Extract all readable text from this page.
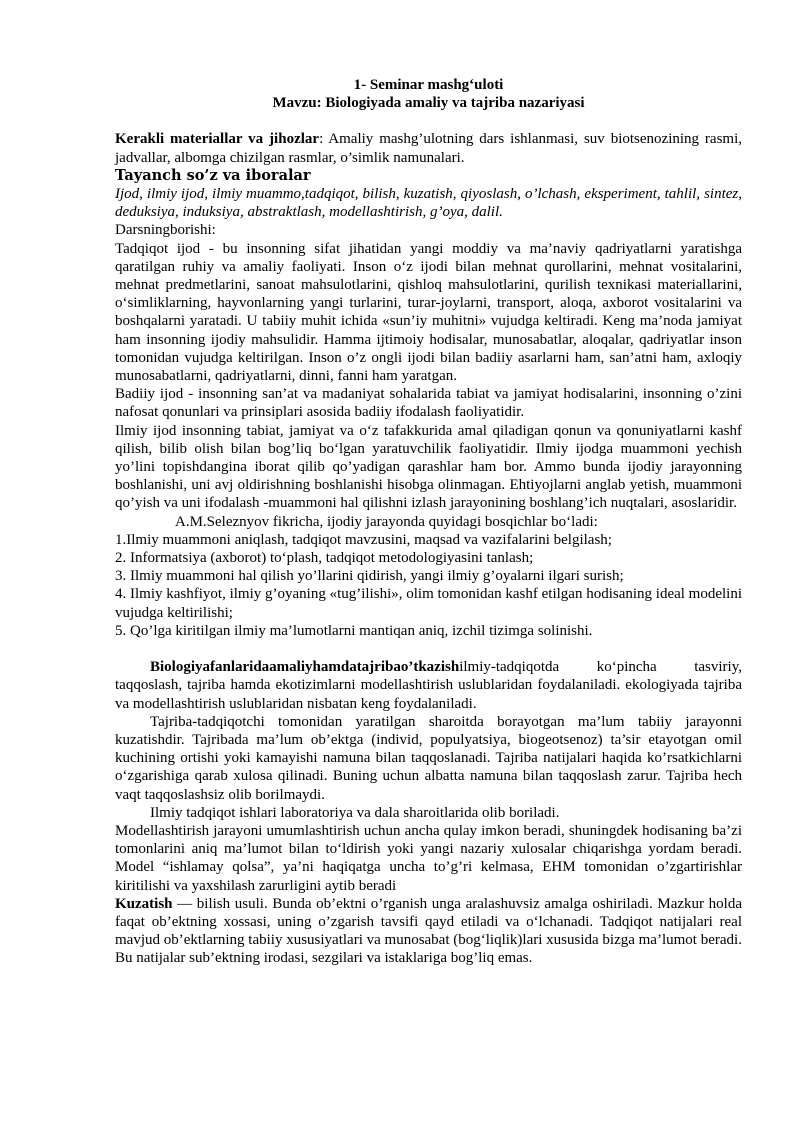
1- Seminar mashg‘uloti

Mavzu: Biologiyada amaliy va tajriba nazariyasi

Kerakli materiallar va jihozlar: Amaliy mashg’ulotning dars ishlanmasi, suv biotsenozining rasmi, jadvallar, albomga chizilgan rasmlar, o’simlik namunalari.

Tayanch so’z va iboralar

Ijod, ilmiy ijod, ilmiy muammo,tadqiqot, bilish, kuzatish, qiyoslash, o’lchash, eksperiment, tahlil, sintez, deduksiya, induksiya, abstraktlash, modellashtirish, g’oya, dalil.

Darsningborishi:

Tadqiqot ijod - bu insonning sifat jihatidan yangi moddiy va ma’naviy qadriyatlarni yaratishga qaratilgan ruhiy va amaliy faoliyati. Inson o‘z ijodi bilan mehnat qurollarini, mehnat vositalarini, mehnat predmetlarini, sanoat mahsulotlarini, qishloq mahsulotlarini, qurilish texnikasi materiallarini, o‘simliklarning, hayvonlarning yangi turlarini, turar-joylarni, transport, aloqa, axborot vositalarini va boshqalarni yaratadi. U tabiiy muhit ichida «sun’iy muhitni» vujudga keltiradi. Keng ma’noda jamiyat ham insonning ijodiy mahsulidir. Hamma ijtimoiy hodisalar, munosabatlar, aloqalar, qadriyatlar inson tomonidan vujudga keltirilgan. Inson o’z ongli ijodi bilan badiiy asarlarni ham, san’atni ham, axloqiy munosabatlarni, qadriyatlarni, dinni, fanni ham yaratgan.

Badiiy ijod - insonning san’at va madaniyat sohalarida tabiat va jamiyat hodisalarini, insonning o’zini nafosat qonunlari va prinsiplari asosida badiiy ifodalash faoliyatidir.

Ilmiy ijod insonning tabiat, jamiyat va o‘z tafakkurida amal qiladigan qonun va qonuniyatlarni kashf qilish, bilib olish bilan bog’liq bo‘lgan yaratuvchilik faoliyatidir. Ilmiy ijodga muammoni yechish yo’lini topishdangina iborat qilib qo’yadigan qarashlar ham bor. Ammo bunda ijodiy jarayonning boshlanishi, uni avj oldirishning boshlanishi hisobga olinmagan. Ehtiyojlarni anglab yetish, muammoni qo’yish va uni ifodalash -muammoni hal qilishni izlash jarayonining boshlang’ich nuqtalari, asoslaridir.

A.M.Seleznyov fikricha, ijodiy jarayonda quyidagi bosqichlar bo‘ladi:

1.Ilmiy muammoni aniqlash, tadqiqot mavzusini, maqsad va vazifalarini belgilash;

2. Informatsiya (axborot) to‘plash, tadqiqot metodologiyasini tanlash;

3. Ilmiy muammoni hal qilish yo’llarini qidirish, yangi ilmiy g’oyalarni ilgari surish;

4. Ilmiy kashfiyot, ilmiy g’oyaning «tug’ilishi», olim tomonidan kashf etilgan hodisaning ideal modelini vujudga keltirilishi;

5. Qo’lga kiritilgan ilmiy ma’lumotlarni mantiqan aniq, izchil tizimga solinishi.

Biologiyafanlaridaamaliyhamdatajribao’tkazishilmiy-tadqiqotda ko‘pincha tasviriy, taqqoslash, tajriba hamda ekotizimlarni modellashtirish uslublaridan foydalaniladi. ekologiyada tajriba va modellashtirish uslublaridan nisbatan keng foydalaniladi.

Tajriba-tadqiqotchi tomonidan yaratilgan sharoitda borayotgan ma’lum tabiiy jarayonni kuzatishdir. Tajribada ma’lum ob’ektga (individ, populyatsiya, biogeotsenoz) ta’sir etayotgan omil kuchining ortishi yoki kamayishi namuna bilan taqqoslanadi. Tajriba natijalari haqida ko’rsatkichlarni o‘zgarishiga qarab xulosa qilinadi. Buning uchun albatta namuna bilan taqqoslash zarur. Tajriba hech vaqt taqqoslashsiz olib borilmaydi.

Ilmiy tadqiqot ishlari laboratoriya va dala sharoitlarida olib boriladi.

Modellashtirish jarayoni umumlashtirish uchun ancha qulay imkon beradi, shuningdek hodisaning ba’zi tomonlarini aniq ma’lumot bilan to‘ldirish yoki yangi nazariy xulosalar chiqarishga yordam beradi. Model “ishlamay qolsa”, ya’ni haqiqatga uncha to’g’ri kelmasa, EHM tomonidan o’zgartirishlar kiritilishi va yaxshilash zarurligini aytib beradi

Kuzatish — bilish usuli. Bunda ob’ektni o’rganish unga aralashuvsiz amalga oshiriladi. Mazkur holda faqat ob’ektning xossasi, uning o’zgarish tavsifi qayd etiladi va o‘lchanadi. Tadqiqot natijalari real mavjud ob’ektlarning tabiiy xususiyatlari va munosabat (bog‘liqlik)lari xususida bizga ma’lumot beradi.

Bu natijalar sub’ektning irodasi, sezgilari va istaklariga bog’liq emas.
